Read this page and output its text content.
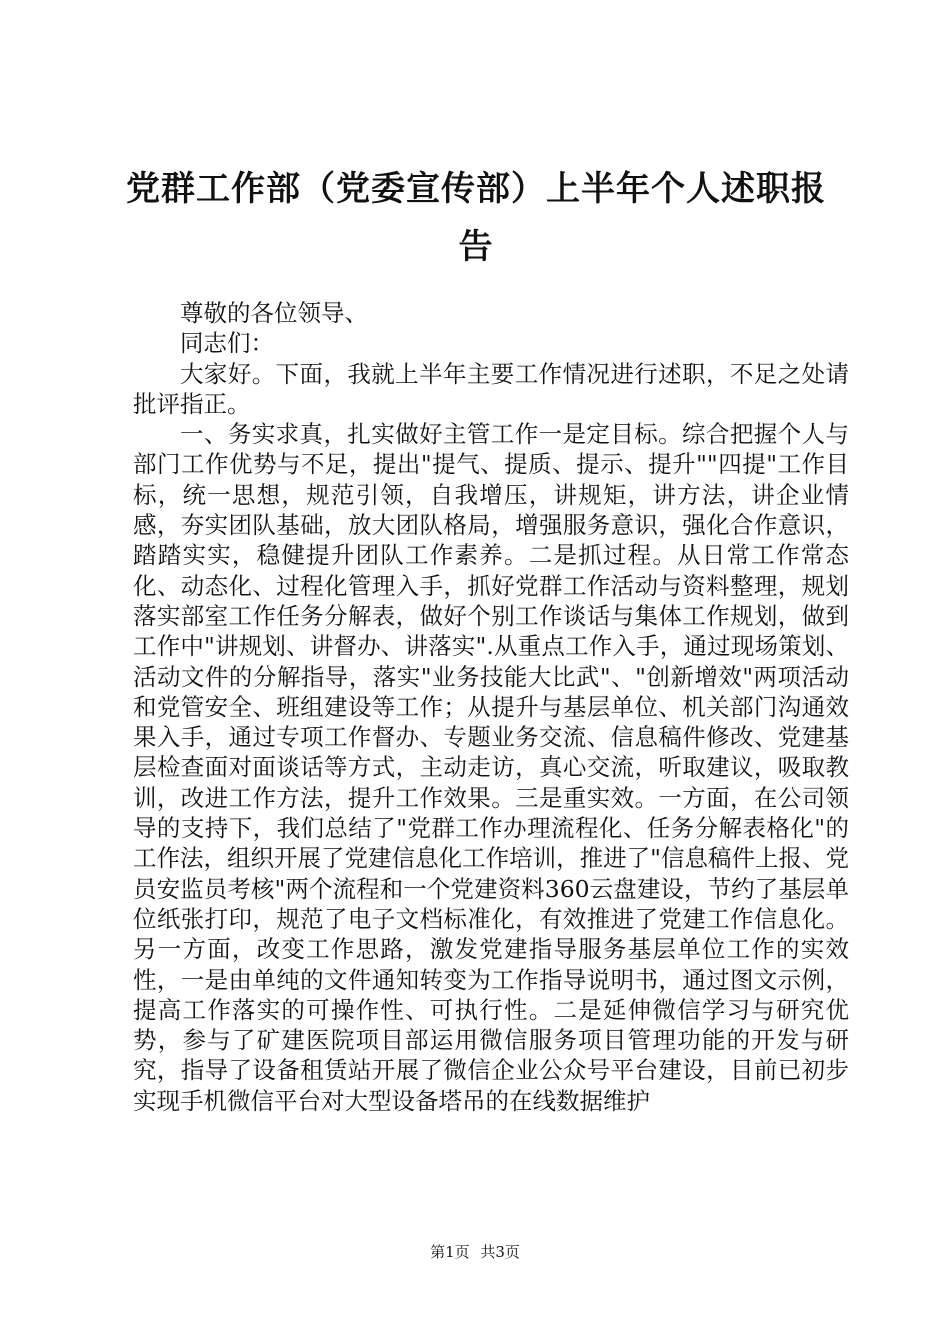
党群工作部（党委宣传部）上半年个人述职报
告

尊敬的各位领导、

同志们：

大家好。下面，我就上半年主要工作情况进行述职，不足之处请批评指正。

一、务实求真，扎实做好主管工作一是定目标。综合把握个人与部门工作优势与不足，提出"提气、提质、提示、提升""四提"工作目标，统一思想，规范引领，自我增压，讲规矩，讲方法，讲企业情感，夯实团队基础，放大团队格局，增强服务意识，强化合作意识，踏踏实实，稳健提升团队工作素养。二是抓过程。从日常工作常态化、动态化、过程化管理入手，抓好党群工作活动与资料整理，规划落实部室工作任务分解表，做好个别工作谈话与集体工作规划，做到工作中"讲规划、讲督办、讲落实".从重点工作入手，通过现场策划、活动文件的分解指导，落实"业务技能大比武"、"创新增效"两项活动和党管安全、班组建设等工作；从提升与基层单位、机关部门沟通效果入手，通过专项工作督办、专题业务交流、信息稿件修改、党建基层检查面对面谈话等方式，主动走访，真心交流，听取建议，吸取教训，改进工作方法，提升工作效果。三是重实效。一方面，在公司领导的支持下，我们总结了"党群工作办理流程化、任务分解表格化"的工作法，组织开展了党建信息化工作培训，推进了"信息稿件上报、党员安监员考核"两个流程和一个党建资料360云盘建设，节约了基层单位纸张打印，规范了电子文档标准化，有效推进了党建工作信息化。另一方面，改变工作思路，激发党建指导服务基层单位工作的实效性，一是由单纯的文件通知转变为工作指导说明书，通过图文示例，提高工作落实的可操作性、可执行性。二是延伸微信学习与研究优势，参与了矿建医院项目部运用微信服务项目管理功能的开发与研究，指导了设备租赁站开展了微信企业公众号平台建设，目前已初步实现手机微信平台对大型设备塔吊的在线数据维护

第1页 共3页
